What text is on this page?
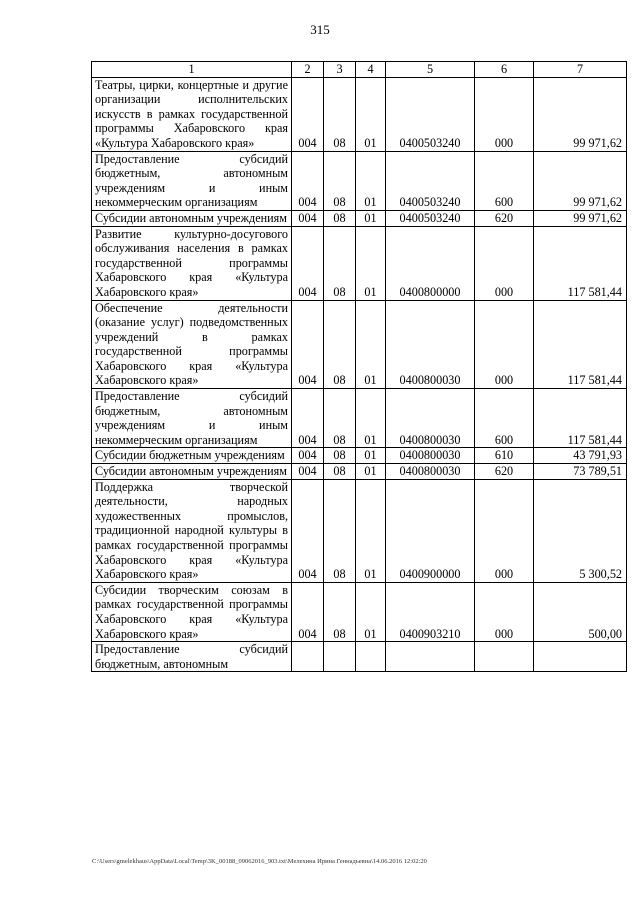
315
1	2	3	4	5	6	7
Театры, цирки, концертные и другие организации исполнительских искусств в рамках государственной программы Хабаровского края «Культура Хабаровского края»	004	08	01	0400503240	000	99 971,62
Предоставление субсидий бюджетным, автономным учреждениям и иным некоммерческим организациям	004	08	01	0400503240	600	99 971,62
Субсидии автономным учреждениям	004	08	01	0400503240	620	99 971,62
Развитие культурно-досугового обслуживания населения в рамках государственной программы Хабаровского края «Культура Хабаровского края»	004	08	01	0400800000	000	117 581,44
Обеспечение деятельности (оказание услуг) подведомственных учреждений в рамках государственной программы Хабаровского края «Культура Хабаровского края»	004	08	01	0400800030	000	117 581,44
Предоставление субсидий бюджетным, автономным учреждениям и иным некоммерческим организациям	004	08	01	0400800030	600	117 581,44
Субсидии бюджетным учреждениям	004	08	01	0400800030	610	43 791,93
Субсидии автономным учреждениям	004	08	01	0400800030	620	73 789,51
Поддержка творческой деятельности, народных художественных промыслов, традиционной народной культуры в рамках государственной программы Хабаровского края «Культура Хабаровского края»	004	08	01	0400900000	000	5 300,52
Субсидии творческим союзам в рамках государственной программы Хабаровского края «Культура Хабаровского края»	004	08	01	0400903210	000	500,00
Предоставление субсидий бюджетным, автономным						
C:\Users\gmelekhaus\AppData\Local\Temp\3K_00188_09062016_903.txt\Мелехина Ирина Геннадьевна\14.06.2016 12:02:20
